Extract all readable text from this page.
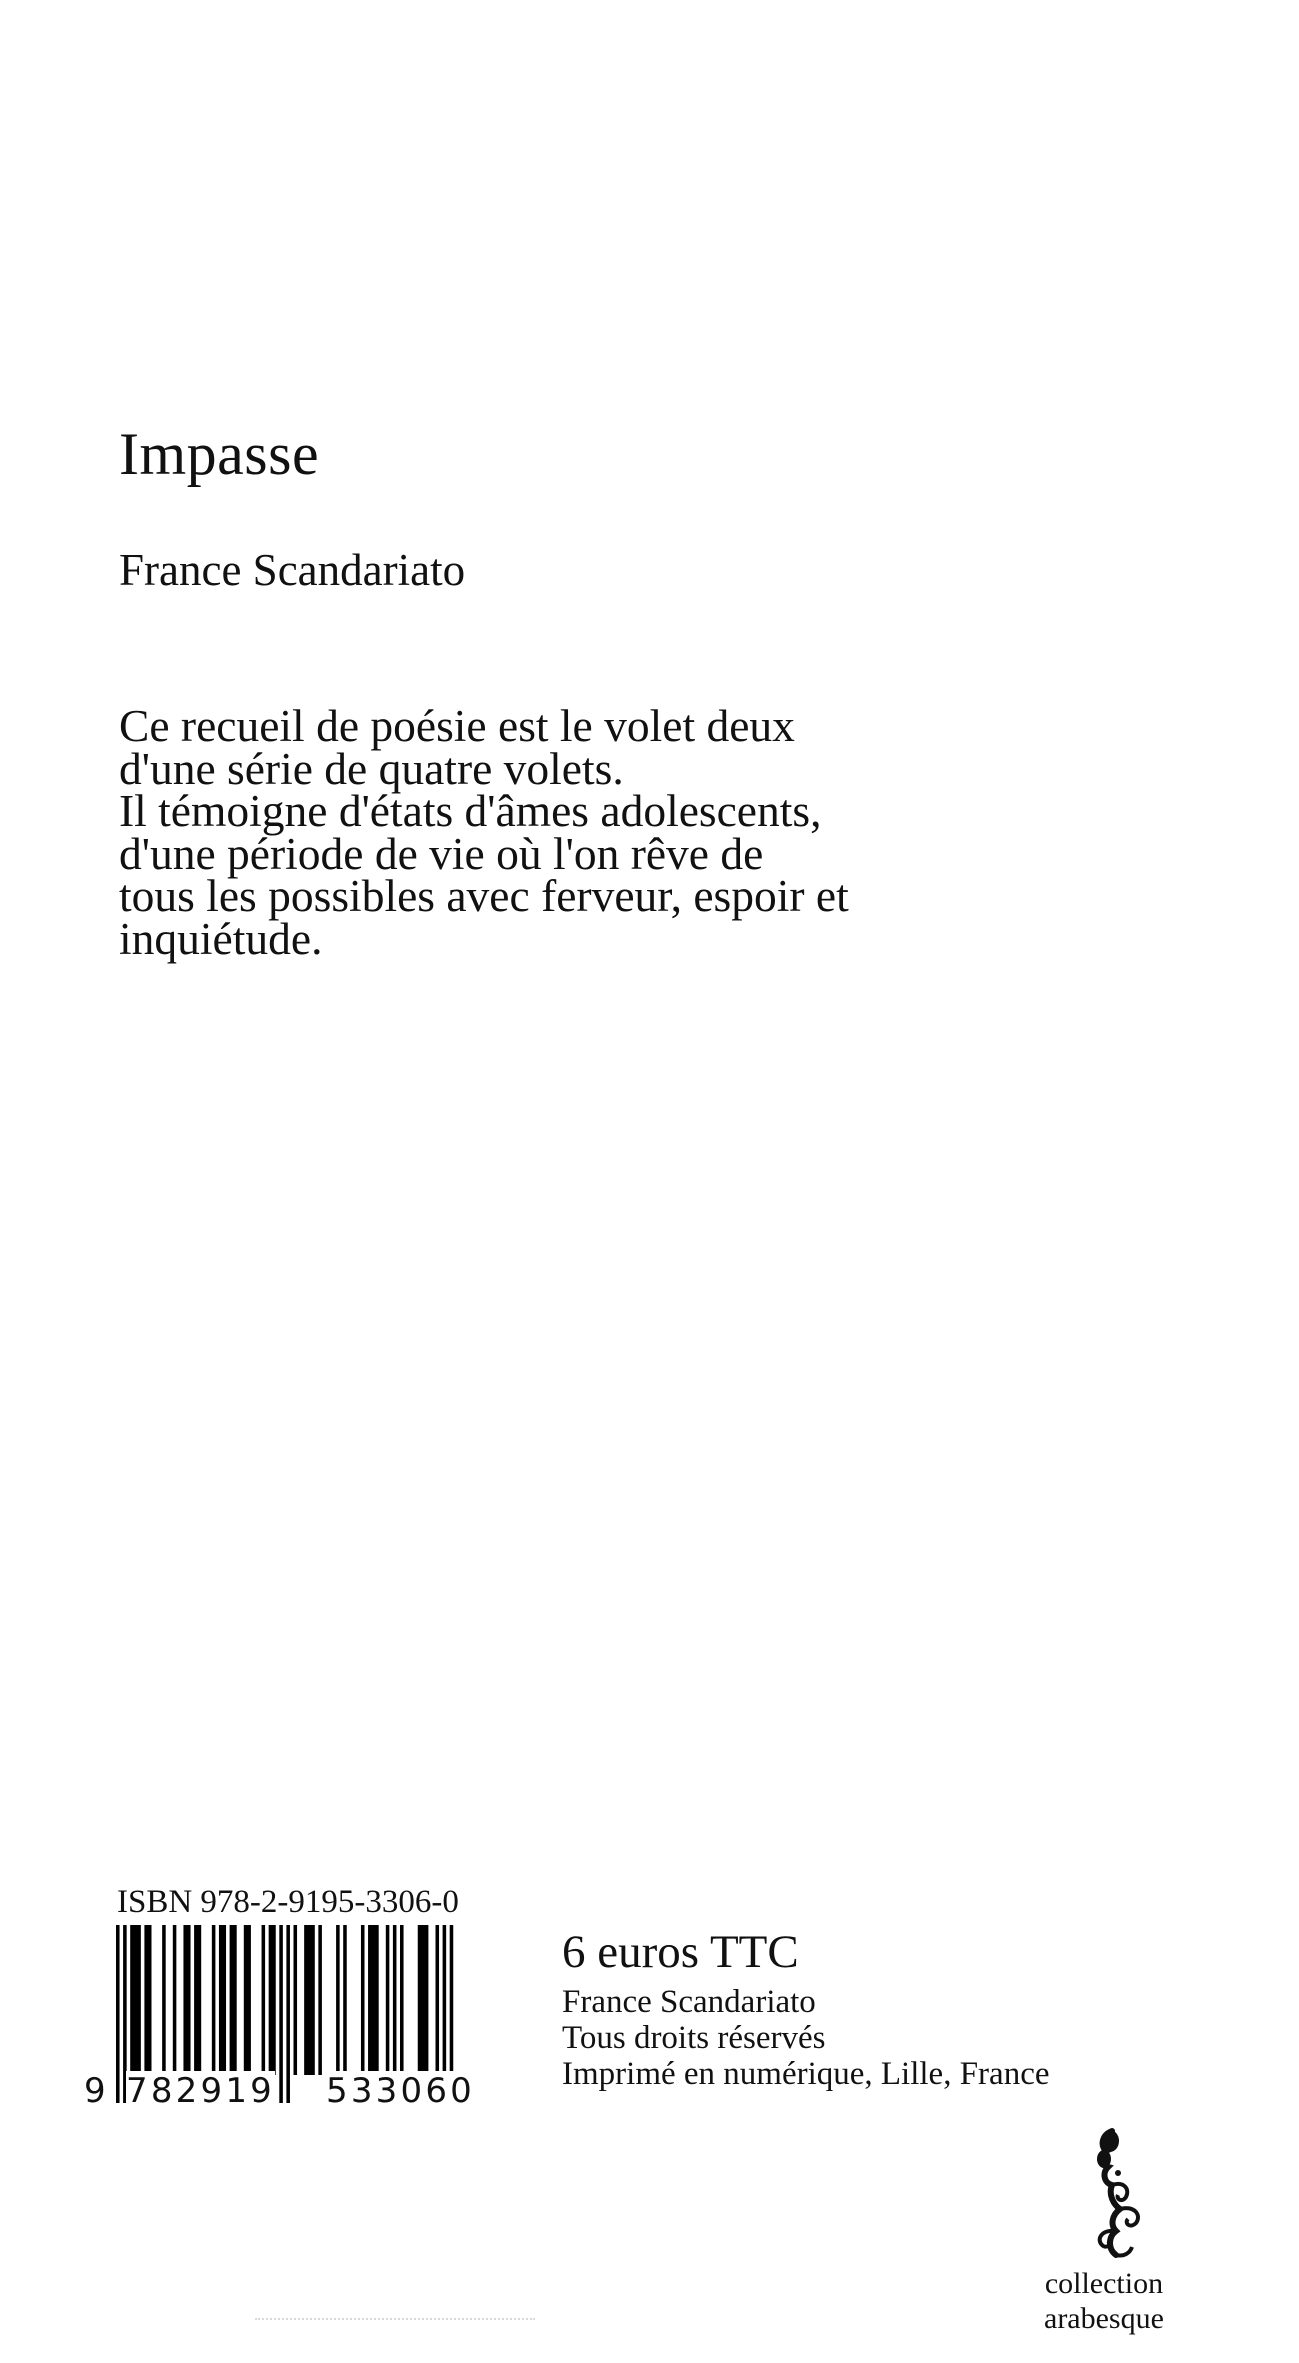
Impasse
France Scandariato
Ce recueil de poésie est le volet deux
d'une série de quatre volets.
Il témoigne d'états d'âmes adolescents,
d'une période de vie où l'on rêve de
tous les possibles avec ferveur, espoir et
inquiétude.
ISBN 978-2-9195-3306-0
9 782919 533060
6 euros TTC
France Scandariato
Tous droits réservés
Imprimé en numérique, Lille, France
collection
arabesque
